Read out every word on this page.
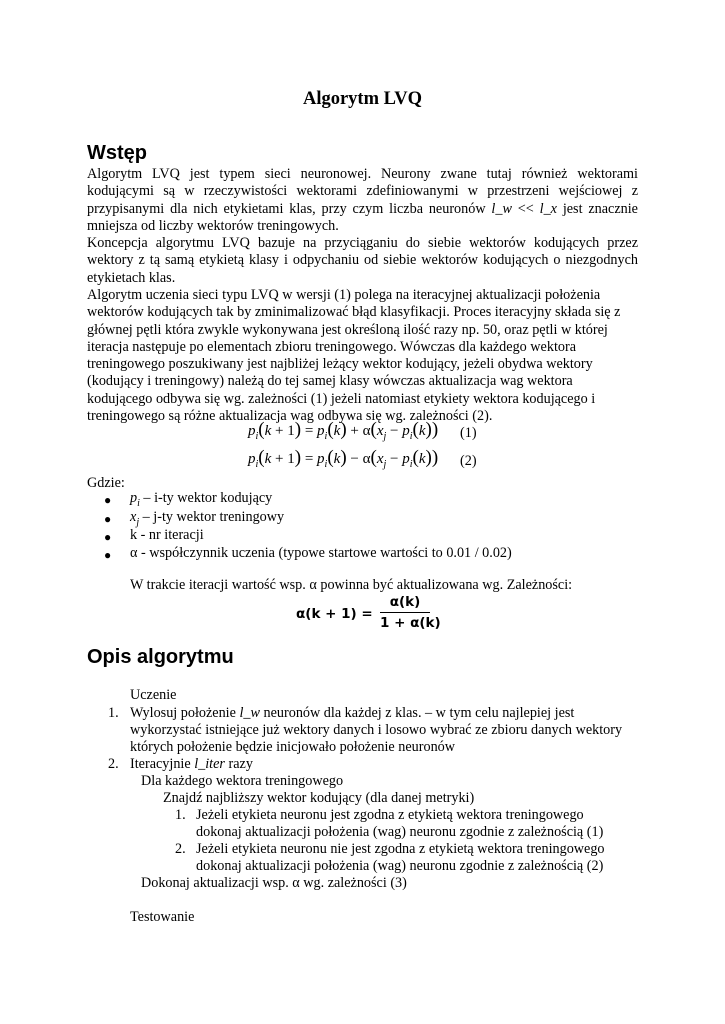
Algorytm LVQ
Wstęp
Algorytm LVQ jest typem sieci neuronowej. Neurony zwane tutaj również wektorami kodującymi są w rzeczywistości wektorami zdefiniowanymi w przestrzeni wejściowej z przypisanymi dla nich etykietami klas, przy czym liczba neuronów l_w << l_x jest znacznie mniejsza od liczby wektorów treningowych.
Koncepcja algorytmu LVQ bazuje na przyciąganiu do siebie wektorów kodujących przez wektory z tą samą etykietą klasy i odpychaniu od siebie wektorów kodujących o niezgodnych etykietach klas.
Algorytm uczenia sieci typu LVQ w wersji (1) polega na iteracyjnej aktualizacji położenia
wektorów kodujących tak by zminimalizować błąd klasyfikacji. Proces iteracyjny składa się z
głównej pętli która zwykle wykonywana jest określoną ilość razy np. 50, oraz pętli w której
iteracja następuje po elementach zbioru treningowego. Wówczas dla każdego wektora
treningowego poszukiwany jest najbliżej leżący wektor kodujący, jeżeli obydwa wektory
(kodujący i treningowy) należą do tej samej klasy wówczas aktualizacja wag wektora
kodującego odbywa się wg. zależności (1) jeżeli natomiast etykiety wektora kodującego i
treningowego są różne aktualizacja wag odbywa się wg. zależności (2).
$p_i(k + 1) = p_i(k) + \alpha(x_j - p_i(k))$ (1)
$p_i(k + 1) = p_i(k) - \alpha(x_j - p_i(k))$ (2)
Gdzie:
● $p_i - i-ty$ wektor kodujący
● $x_j - j-ty$ wektor treningowy
● k - nr iteracji
● α - współczynnik uczenia (typowe startowe wartości to 0.01 / 0.02)
W trakcie iteracji wartość wsp. α powinna być aktualizowana wg. Zależności:
α(k + 1) =
α(k)
1 + α(k)
Opis algorytmu
Uczenie
1. Wylosuj położenie l_w neuronów dla każdej z klas. – w tym celu najlepiej jest
wykorzystać istniejące już wektory danych i losowo wybrać ze zbioru danych wektory
których położenie będzie inicjowało położenie neuronów
2. Iteracyjnie l_iter razy
Dla każdego wektora treningowego
Znajdź najbliższy wektor kodujący (dla danej metryki)
1. Jeżeli etykieta neuronu jest zgodna z etykietą wektora treningowego
dokonaj aktualizacji położenia (wag) neuronu zgodnie z zależnością (1)
2. Jeżeli etykieta neuronu nie jest zgodna z etykietą wektora treningowego
dokonaj aktualizacji położenia (wag) neuronu zgodnie z zależnością (2)
Dokonaj aktualizacji wsp. α wg. zależności (3)
Testowanie
